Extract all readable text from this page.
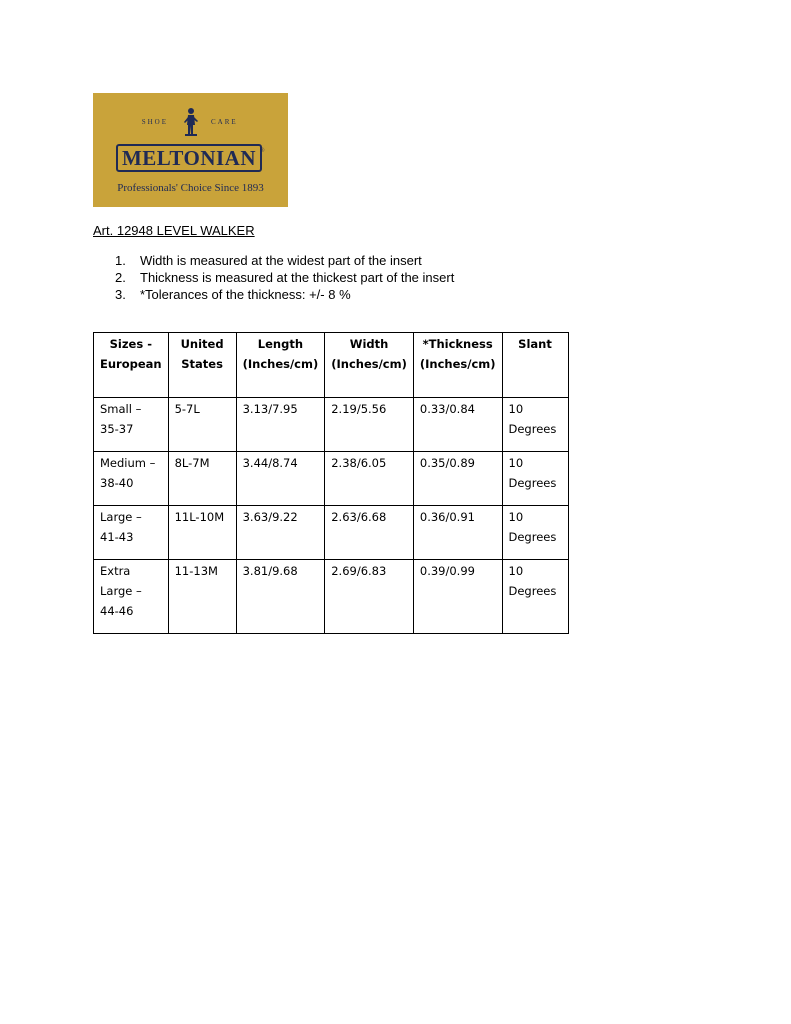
SHOE	CARE
MELTONIAN ®
Professionals' Choice Since 1893
Art. 12948 LEVEL WALKER
1. Width is measured at the widest part of the insert
2. Thickness is measured at the thickest part of the insert
3. *Tolerances of the thickness: +/- 8 %
Sizes - European	United States	Length (Inches/cm)	Width (Inches/cm)	*Thickness (Inches/cm)	Slant
Small – 35-37	5-7L	3.13/7.95	2.19/5.56	0.33/0.84	10 Degrees
Medium – 38-40	8L-7M	3.44/8.74	2.38/6.05	0.35/0.89	10 Degrees
Large – 41-43	11L-10M	3.63/9.22	2.63/6.68	0.36/0.91	10 Degrees
Extra Large – 44-46	11-13M	3.81/9.68	2.69/6.83	0.39/0.99	10 Degrees
